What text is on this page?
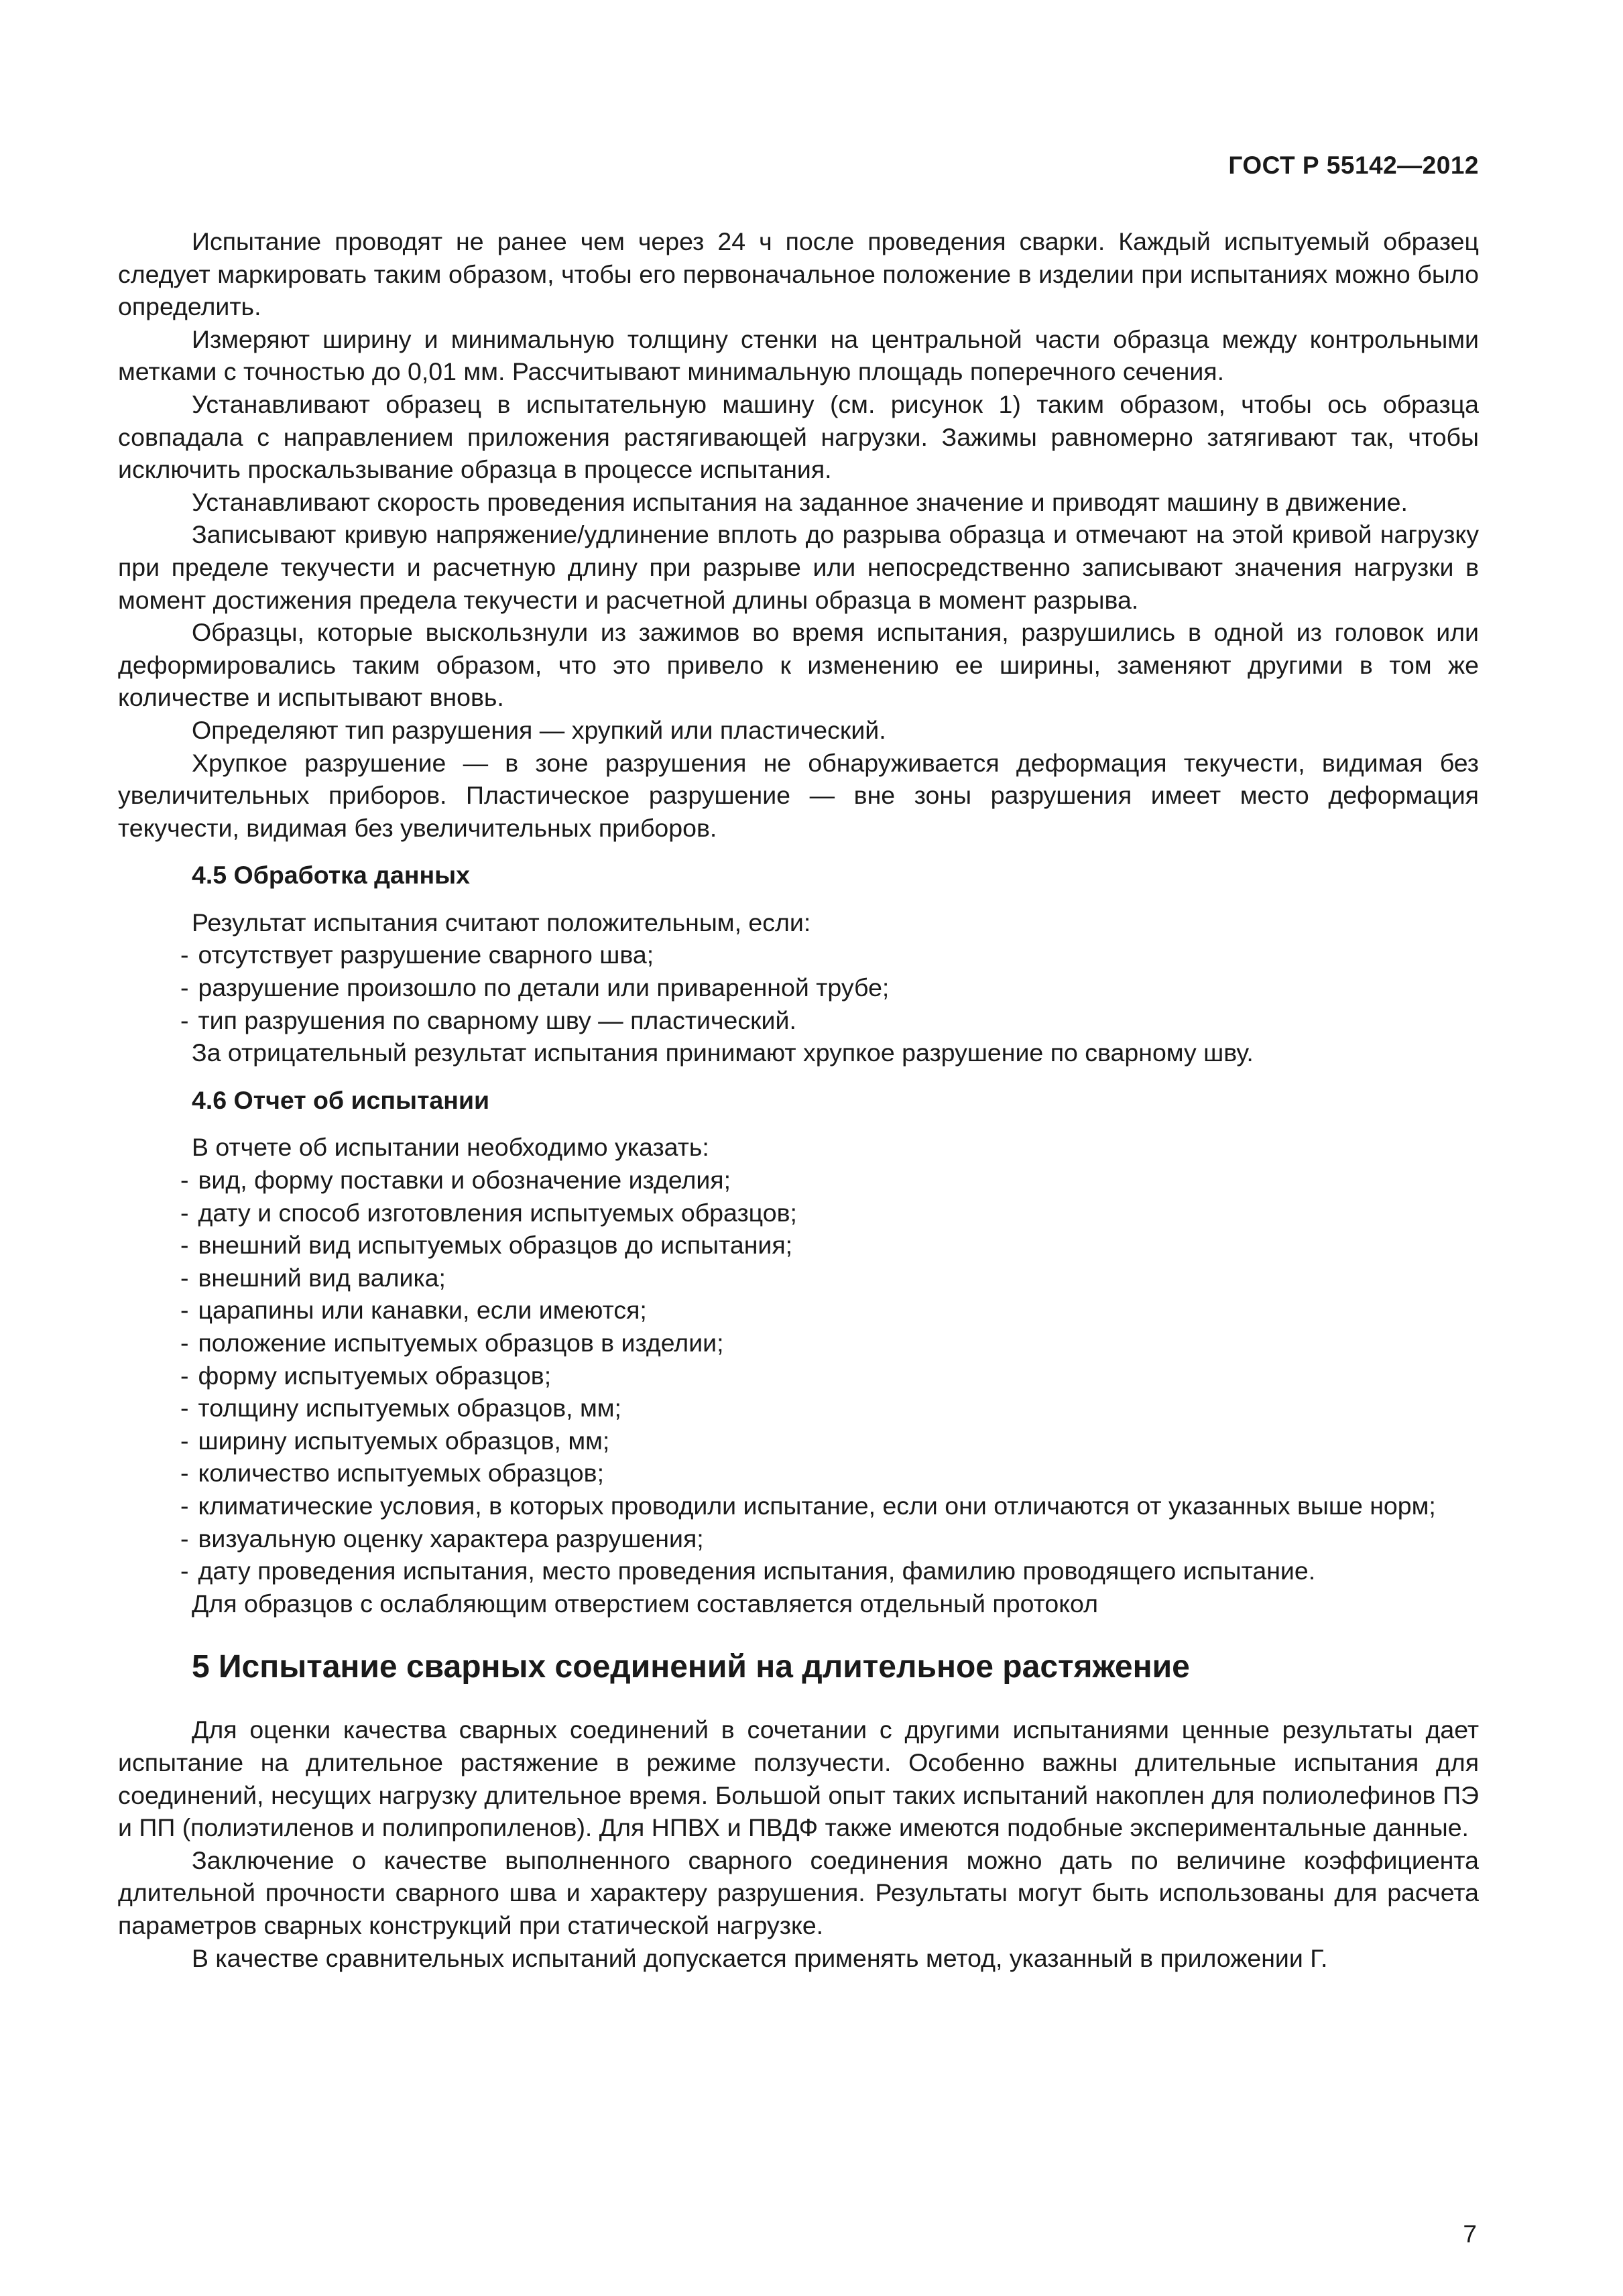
ГОСТ Р 55142—2012

Испытание проводят не ранее чем через 24 ч после проведения сварки. Каждый испытуемый образец следует маркировать таким образом, чтобы его первоначальное положение в изделии при испытаниях можно было определить.

Измеряют ширину и минимальную толщину стенки на центральной части образца между контрольными метками с точностью до 0,01 мм. Рассчитывают минимальную площадь поперечного сечения.

Устанавливают образец в испытательную машину (см. рисунок 1) таким образом, чтобы ось образца совпадала с направлением приложения растягивающей нагрузки. Зажимы равномерно затягивают так, чтобы исключить проскальзывание образца в процессе испытания.

Устанавливают скорость проведения испытания на заданное значение и приводят машину в движение.

Записывают кривую напряжение/удлинение вплоть до разрыва образца и отмечают на этой кривой нагрузку при пределе текучести и расчетную длину при разрыве или непосредственно записывают значения нагрузки в момент достижения предела текучести и расчетной длины образца в момент разрыва.

Образцы, которые выскользнули из зажимов во время испытания, разрушились в одной из головок или деформировались таким образом, что это привело к изменению ее ширины, заменяют другими в том же количестве и испытывают вновь.

Определяют тип разрушения — хрупкий или пластический.

Хрупкое разрушение — в зоне разрушения не обнаруживается деформация текучести, видимая без увеличительных приборов. Пластическое разрушение — вне зоны разрушения имеет место деформация текучести, видимая без увеличительных приборов.

4.5 Обработка данных

Результат испытания считают положительным, если:

- отсутствует разрушение сварного шва;
- разрушение произошло по детали или приваренной трубе;
- тип разрушения по сварному шву — пластический.

За отрицательный результат испытания принимают хрупкое разрушение по сварному шву.

4.6 Отчет об испытании

В отчете об испытании необходимо указать:

- вид, форму поставки и обозначение изделия;
- дату и способ изготовления испытуемых образцов;
- внешний вид испытуемых образцов до испытания;
- внешний вид валика;
- царапины или канавки, если имеются;
- положение испытуемых образцов в изделии;
- форму испытуемых образцов;
- толщину испытуемых образцов, мм;
- ширину испытуемых образцов, мм;
- количество испытуемых образцов;
- климатические условия, в которых проводили испытание, если они отличаются от указанных выше норм;
- визуальную оценку характера разрушения;
- дату проведения испытания, место проведения испытания, фамилию проводящего испытание.

Для образцов с ослабляющим отверстием составляется отдельный протокол

5 Испытание сварных соединений на длительное растяжение

Для оценки качества сварных соединений в сочетании с другими испытаниями ценные результаты дает испытание на длительное растяжение в режиме ползучести. Особенно важны длительные испытания для соединений, несущих нагрузку длительное время. Большой опыт таких испытаний накоплен для полиолефинов ПЭ и ПП (полиэтиленов и полипропиленов). Для НПВХ и ПВДФ также имеются подобные экспериментальные данные.

Заключение о качестве выполненного сварного соединения можно дать по величине коэффициента длительной прочности сварного шва и характеру разрушения. Результаты могут быть использованы для расчета параметров сварных конструкций при статической нагрузке.

В качестве сравнительных испытаний допускается применять метод, указанный в приложении Г.

7
